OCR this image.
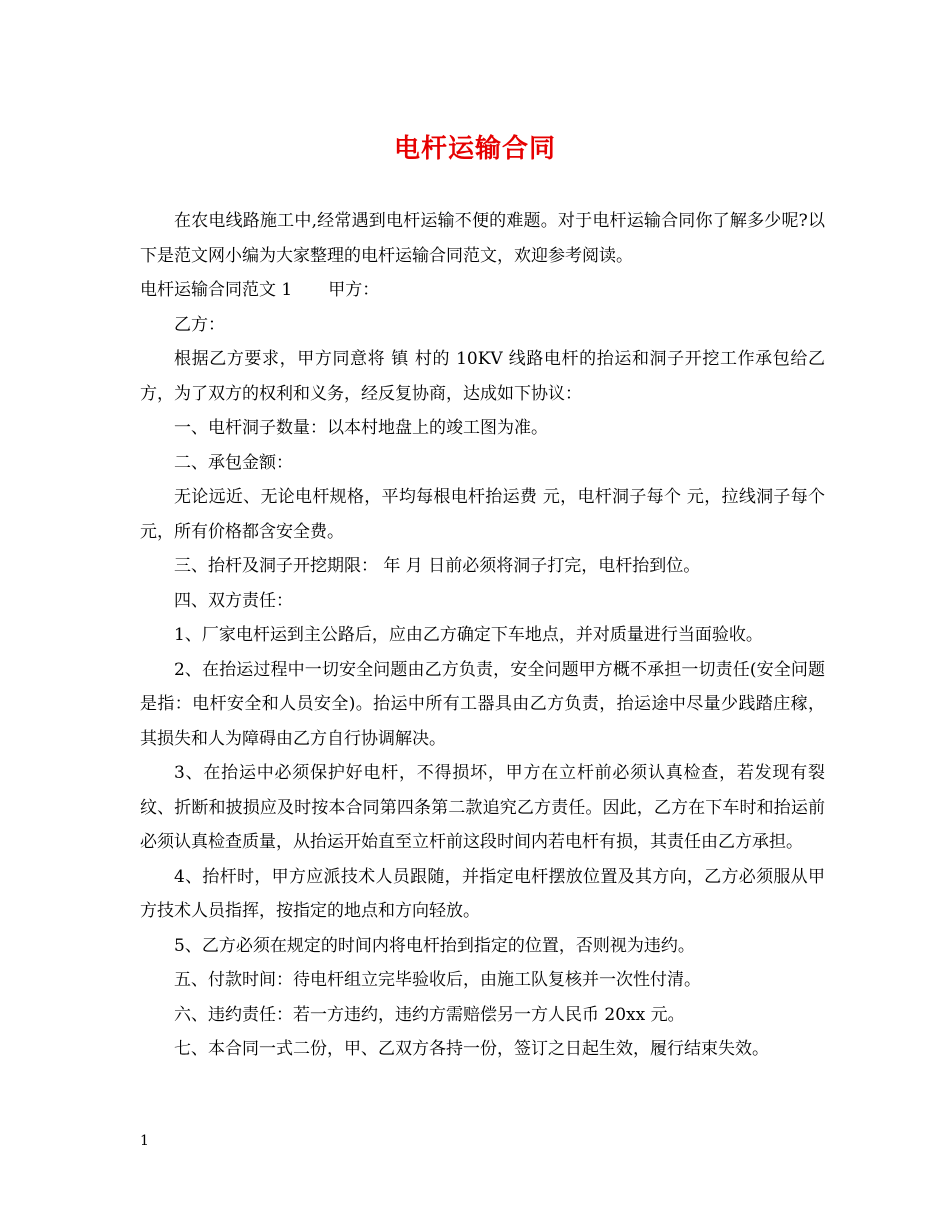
电杆运输合同

在农电线路施工中,经常遇到电杆运输不便的难题。对于电杆运输合同你了解多少呢?以下是范文网小编为大家整理的电杆运输合同范文，欢迎参考阅读。

电杆运输合同范文 1 甲方：

乙方：

根据乙方要求，甲方同意将 镇 村的 10KV 线路电杆的抬运和洞子开挖工作承包给乙方，为了双方的权利和义务，经反复协商，达成如下协议：

一、电杆洞子数量：以本村地盘上的竣工图为准。

二、承包金额：

无论远近、无论电杆规格，平均每根电杆抬运费 元，电杆洞子每个 元，拉线洞子每个 元，所有价格都含安全费。

三、抬杆及洞子开挖期限： 年 月 日前必须将洞子打完，电杆抬到位。

四、双方责任：

1、厂家电杆运到主公路后，应由乙方确定下车地点，并对质量进行当面验收。

2、在抬运过程中一切安全问题由乙方负责，安全问题甲方概不承担一切责任(安全问题是指：电杆安全和人员安全)。抬运中所有工器具由乙方负责，抬运途中尽量少践踏庄稼，其损失和人为障碍由乙方自行协调解决。

3、在抬运中必须保护好电杆，不得损坏，甲方在立杆前必须认真检查，若发现有裂纹、折断和披损应及时按本合同第四条第二款追究乙方责任。因此，乙方在下车时和抬运前必须认真检查质量，从抬运开始直至立杆前这段时间内若电杆有损，其责任由乙方承担。

4、抬杆时，甲方应派技术人员跟随，并指定电杆摆放位置及其方向，乙方必须服从甲方技术人员指挥，按指定的地点和方向轻放。

5、乙方必须在规定的时间内将电杆抬到指定的位置，否则视为违约。

五、付款时间：待电杆组立完毕验收后，由施工队复核并一次性付清。

六、违约责任：若一方违约，违约方需赔偿另一方人民币 20xx 元。

七、本合同一式二份，甲、乙双方各持一份，签订之日起生效，履行结束失效。

1
